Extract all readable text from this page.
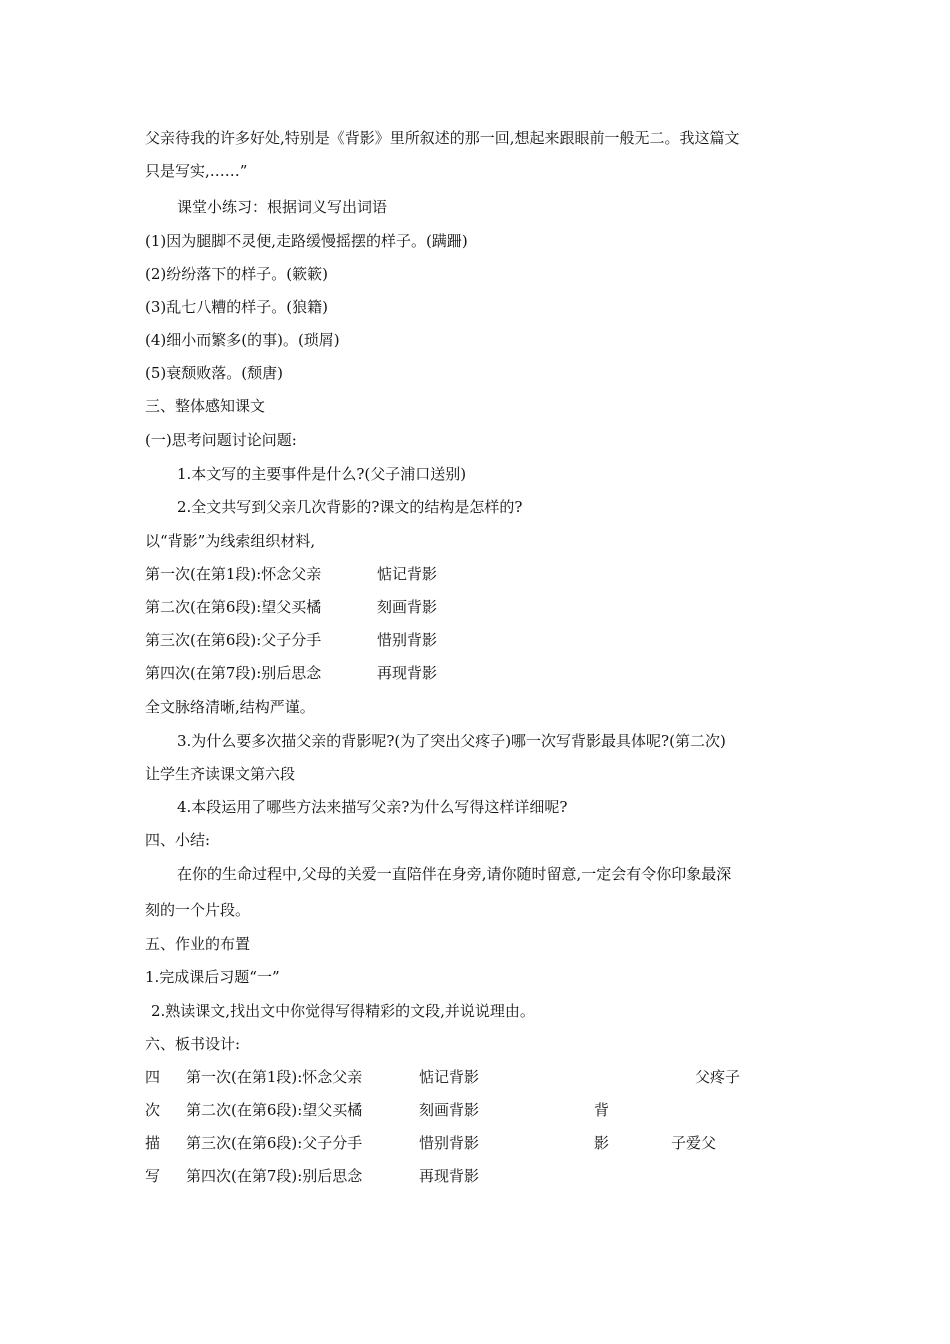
父亲待我的许多好处,特别是《背影》里所叙述的那一回,想起来跟眼前一般无二。我这篇文
只是写实,……”
课堂小练习：根据词义写出词语
(1)因为腿脚不灵便,走路缓慢摇摆的样子。(蹒跚)
(2)纷纷落下的样子。(簌簌)
(3)乱七八糟的样子。(狼籍)
(4)细小而繁多(的事)。(琐屑)
(5)衰颓败落。(颓唐)
三、整体感知课文
(一)思考问题讨论问题:
1.本文写的主要事件是什么?(父子浦口送别)
2.全文共写到父亲几次背影的?课文的结构是怎样的?
以“背影”为线索组织材料,
第一次(在第1段):怀念父亲	惦记背影
第二次(在第6段):望父买橘	刻画背影
第三次(在第6段):父子分手	惜别背影
第四次(在第7段):别后思念	再现背影
全文脉络清晰,结构严谨。
3.为什么要多次描父亲的背影呢?(为了突出父疼子)哪一次写背影最具体呢?(第二次)
让学生齐读课文第六段
4.本段运用了哪些方法来描写父亲?为什么写得这样详细呢?
四、小结:
在你的生命过程中,父母的关爱一直陪伴在身旁,请你随时留意,一定会有令你印象最深
刻的一个片段。
五、作业的布置
1.完成课后习题“一”
2.熟读课文,找出文中你觉得写得精彩的文段,并说说理由。
六、板书设计:
四 第一次(在第1段):怀念父亲	惦记背影	父疼子
次 第二次(在第6段):望父买橘	刻画背影	背
描 第三次(在第6段):父子分手	惜别背影	影	子爱父
写 第四次(在第7段):别后思念	再现背影
